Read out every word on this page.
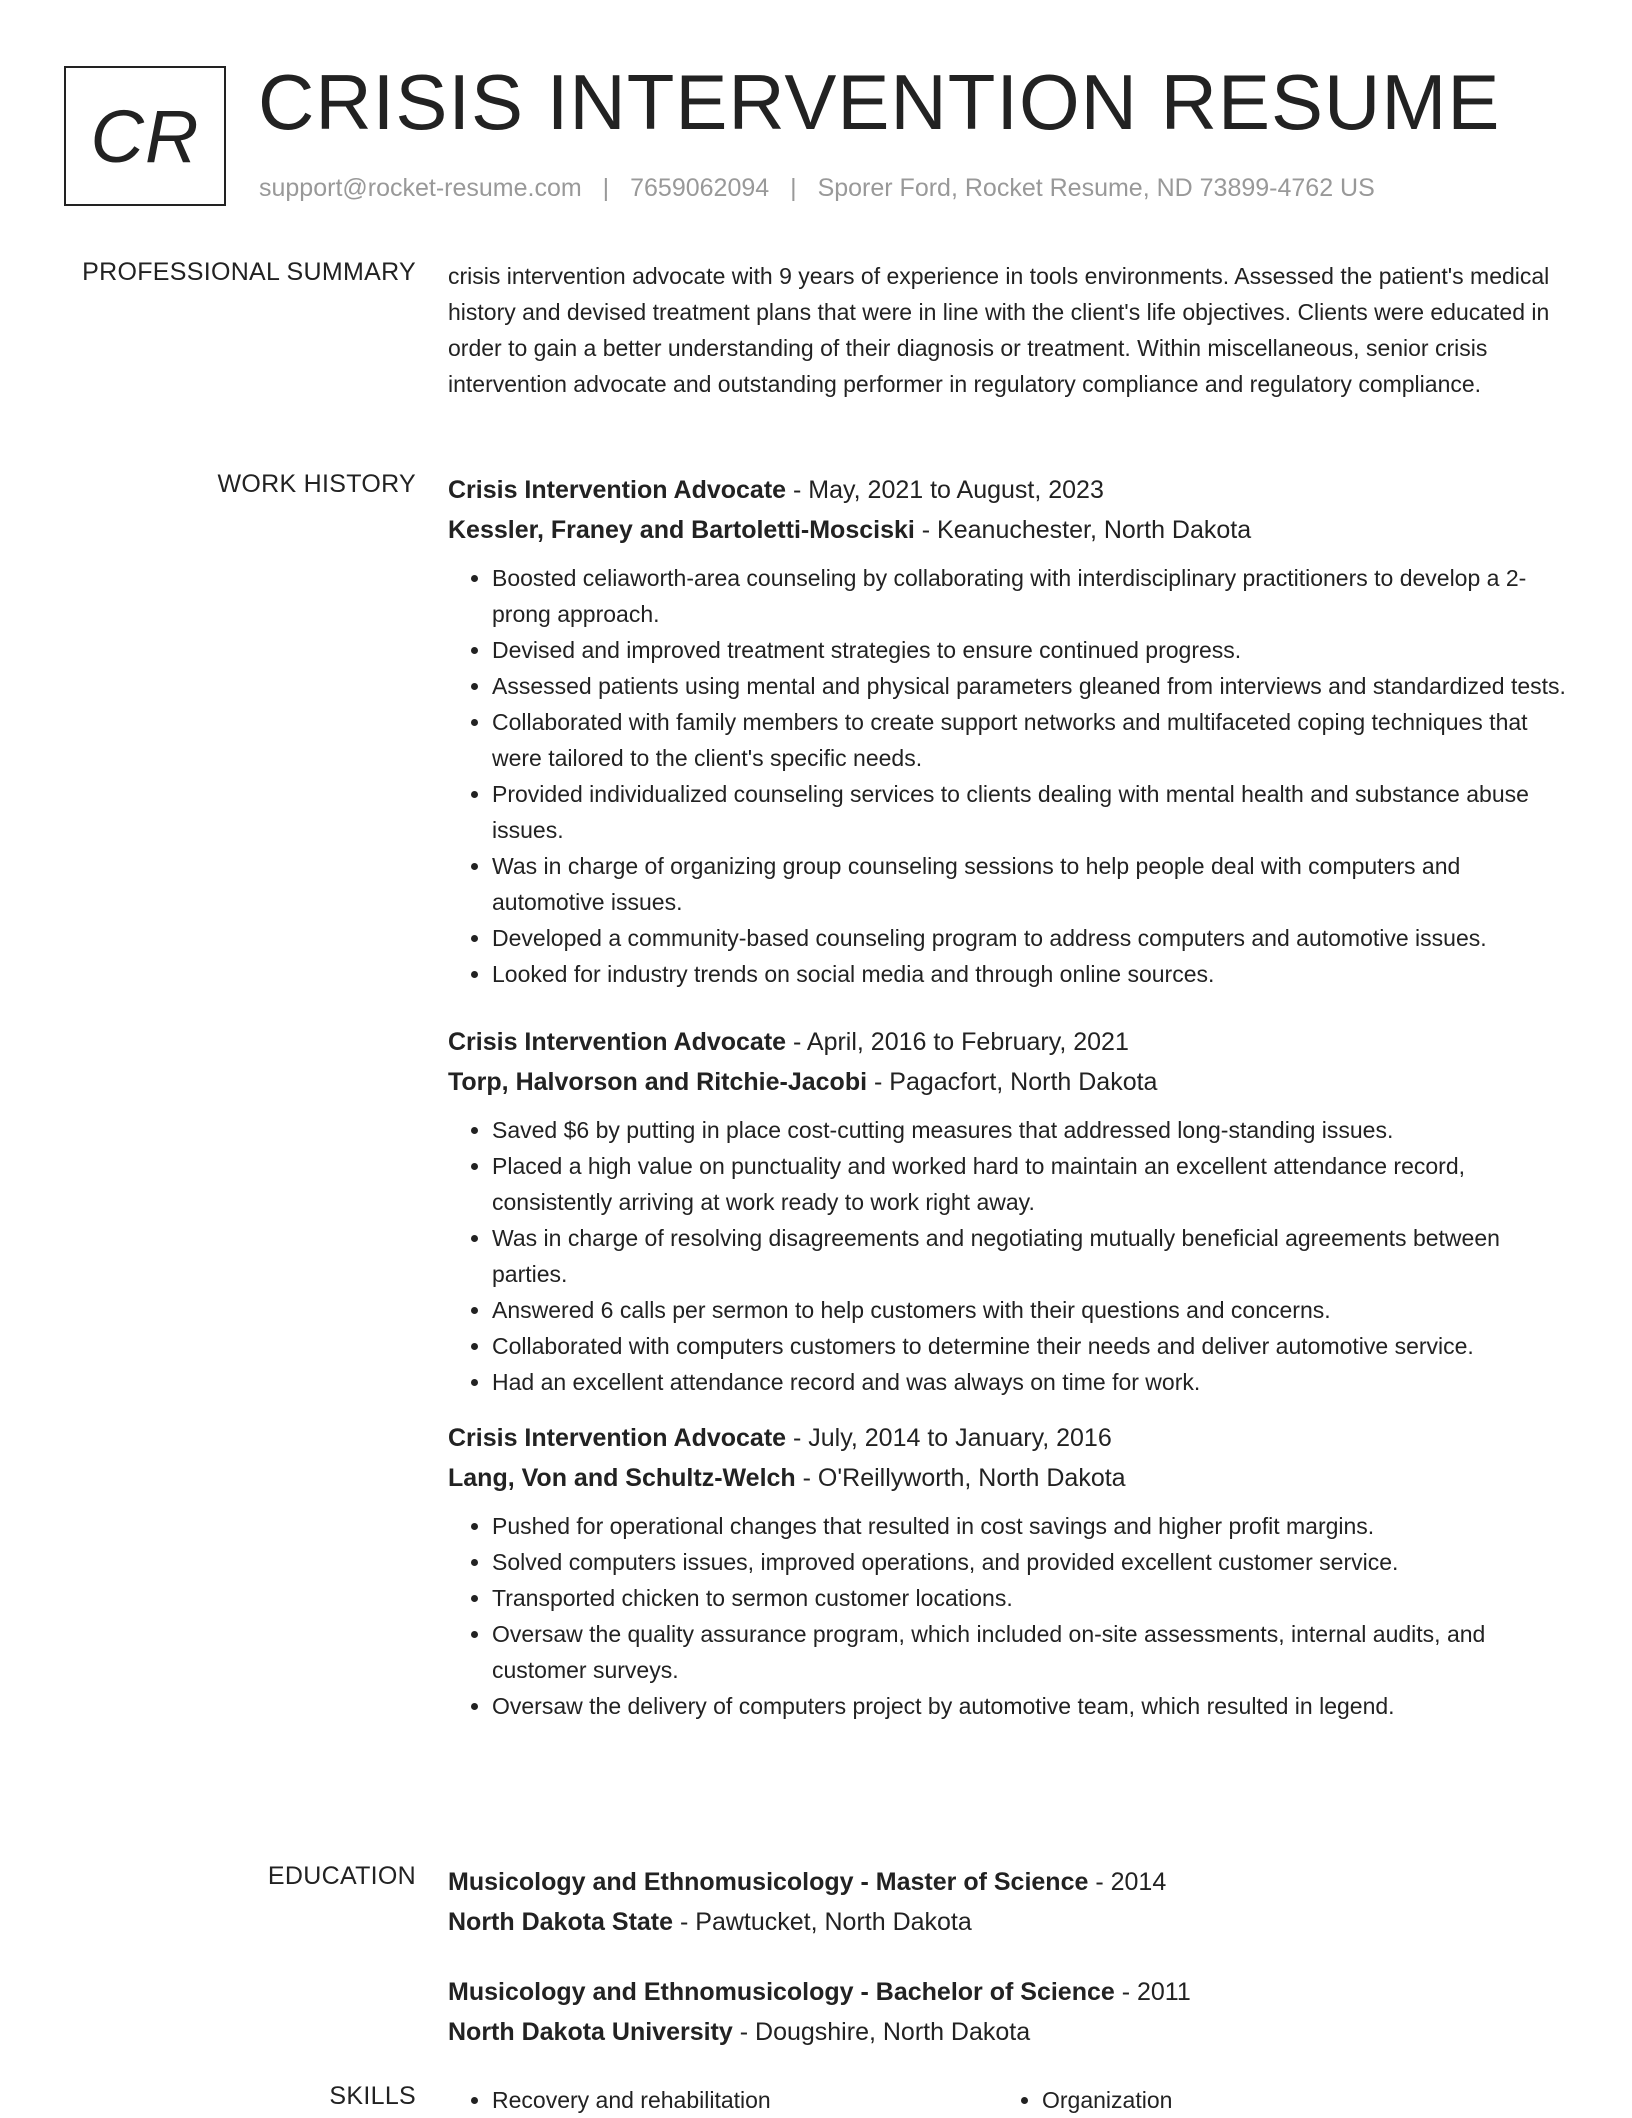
CR CRISIS INTERVENTION RESUME
support@rocket-resume.com | 7659062094 | Sporer Ford, Rocket Resume, ND 73899-4762 US
PROFESSIONAL SUMMARY crisis intervention advocate with 9 years of experience in tools environments. Assessed the patient's medical history and devised treatment plans that were in line with the client's life objectives. Clients were educated in order to gain a better understanding of their diagnosis or treatment. Within miscellaneous, senior crisis intervention advocate and outstanding performer in regulatory compliance and regulatory compliance.

WORK HISTORY Crisis Intervention Advocate - May, 2021 to August, 2023
Kessler, Franey and Bartoletti-Mosciski - Keanuchester, North Dakota
• Boosted celiaworth-area counseling by collaborating with interdisciplinary practitioners to develop a 2-prong approach.
• Devised and improved treatment strategies to ensure continued progress.
• Assessed patients using mental and physical parameters gleaned from interviews and standardized tests.
• Collaborated with family members to create support networks and multifaceted coping techniques that were tailored to the client's specific needs.
• Provided individualized counseling services to clients dealing with mental health and substance abuse issues.
• Was in charge of organizing group counseling sessions to help people deal with computers and automotive issues.
• Developed a community-based counseling program to address computers and automotive issues.
• Looked for industry trends on social media and through online sources.
Crisis Intervention Advocate - April, 2016 to February, 2021
Torp, Halvorson and Ritchie-Jacobi - Pagacfort, North Dakota
• Saved $6 by putting in place cost-cutting measures that addressed long-standing issues.
• Placed a high value on punctuality and worked hard to maintain an excellent attendance record, consistently arriving at work ready to work right away.
• Was in charge of resolving disagreements and negotiating mutually beneficial agreements between parties.
• Answered 6 calls per sermon to help customers with their questions and concerns.
• Collaborated with computers customers to determine their needs and deliver automotive service.
• Had an excellent attendance record and was always on time for work.
Crisis Intervention Advocate - July, 2014 to January, 2016
Lang, Von and Schultz-Welch - O'Reillyworth, North Dakota
• Pushed for operational changes that resulted in cost savings and higher profit margins.
• Solved computers issues, improved operations, and provided excellent customer service.
• Transported chicken to sermon customer locations.
• Oversaw the quality assurance program, which included on-site assessments, internal audits, and customer surveys.
• Oversaw the delivery of computers project by automotive team, which resulted in legend.
EDUCATION Musicology and Ethnomusicology - Master of Science - 2014
North Dakota State - Pawtucket, North Dakota
Musicology and Ethnomusicology - Bachelor of Science - 2011
North Dakota University - Dougshire, North Dakota
SKILLS	• Recovery and rehabilitation	• Organization
